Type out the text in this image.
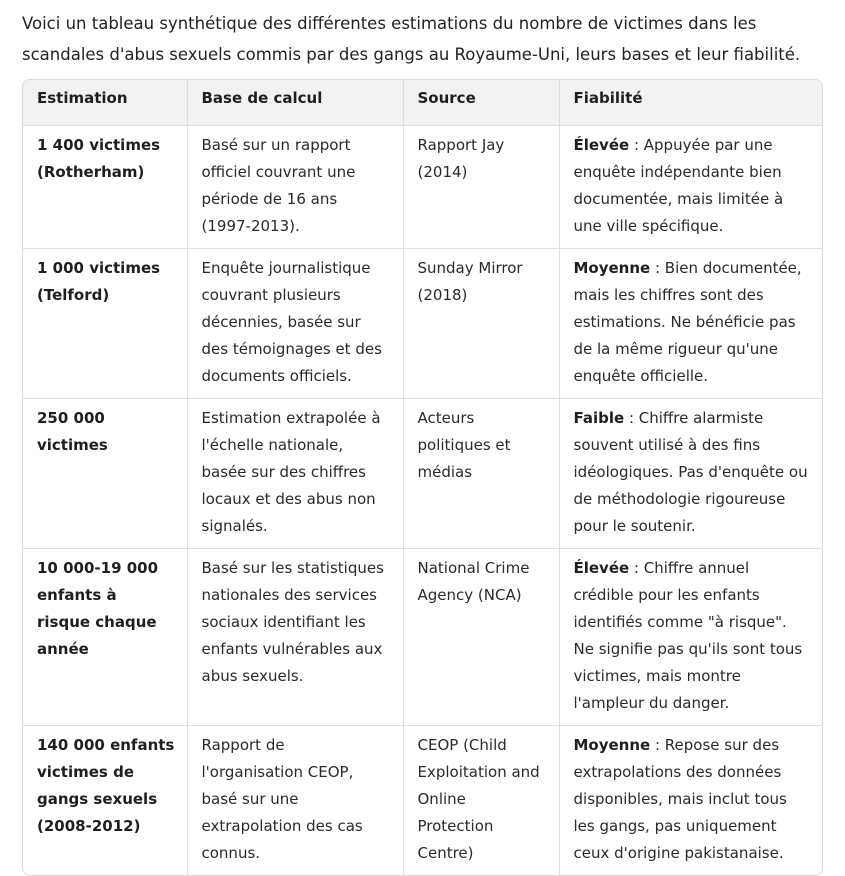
Voici un tableau synthétique des différentes estimations du nombre de victimes dans les scandales d'abus sexuels commis par des gangs au Royaume-Uni, leurs bases et leur fiabilité.

Estimation	Base de calcul	Source	Fiabilité
1 400 victimes (Rotherham)	Basé sur un rapport officiel couvrant une période de 16 ans (1997-2013).	Rapport Jay (2014)	Élevée : Appuyée par une enquête indépendante bien documentée, mais limitée à une ville spécifique.
1 000 victimes (Telford)	Enquête journalistique couvrant plusieurs décennies, basée sur des témoignages et des documents officiels.	Sunday Mirror (2018)	Moyenne : Bien documentée, mais les chiffres sont des estimations. Ne bénéficie pas de la même rigueur qu'une enquête officielle.
250 000 victimes	Estimation extrapolée à l'échelle nationale, basée sur des chiffres locaux et des abus non signalés.	Acteurs politiques et médias	Faible : Chiffre alarmiste souvent utilisé à des fins idéologiques. Pas d'enquête ou de méthodologie rigoureuse pour le soutenir.
10 000-19 000 enfants à risque chaque année	Basé sur les statistiques nationales des services sociaux identifiant les enfants vulnérables aux abus sexuels.	National Crime Agency (NCA)	Élevée : Chiffre annuel crédible pour les enfants identifiés comme "à risque". Ne signifie pas qu'ils sont tous victimes, mais montre l'ampleur du danger.
140 000 enfants victimes de gangs sexuels (2008-2012)	Rapport de l'organisation CEOP, basé sur une extrapolation des cas connus.	CEOP (Child Exploitation and Online Protection Centre)	Moyenne : Repose sur des extrapolations des données disponibles, mais inclut tous les gangs, pas uniquement ceux d'origine pakistanaise.
